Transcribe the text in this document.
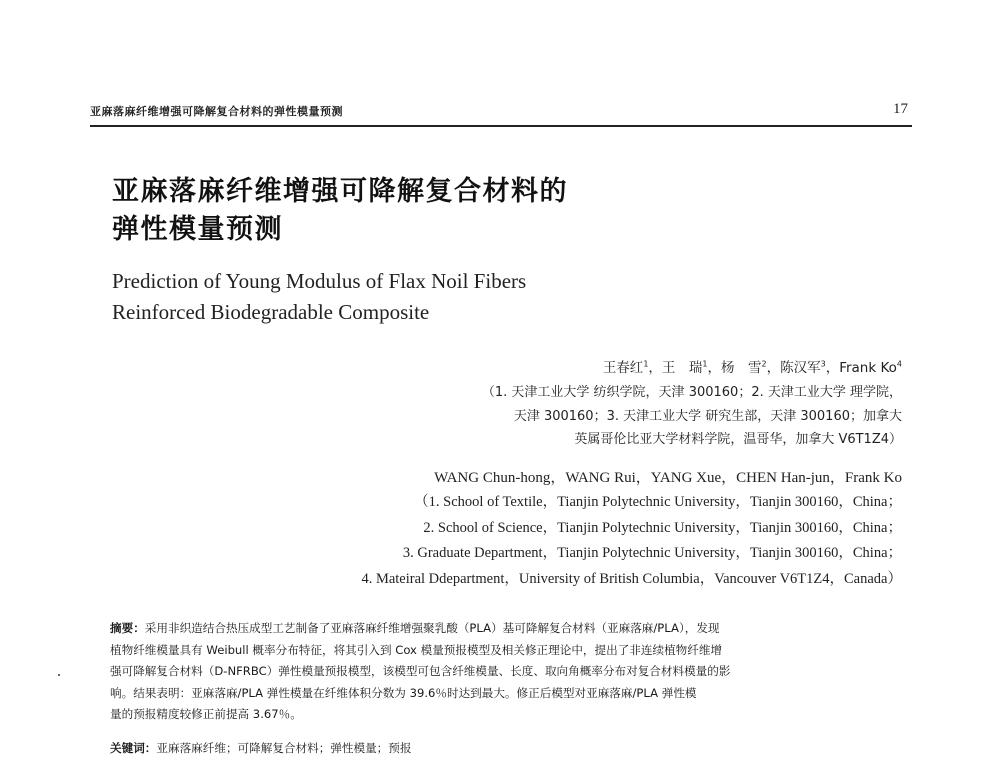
亚麻落麻纤维增强可降解复合材料的弹性模量预测	17
亚麻落麻纤维增强可降解复合材料的
弹性模量预测
Prediction of Young Modulus of Flax Noil Fibers
Reinforced Biodegradable Composite
王春红$^1$，王　瑞$^1$，杨　雪$^2$，陈汉军$^3$，Frank Ko$^4$
（1. 天津工业大学 纺织学院，天津 300160；2. 天津工业大学 理学院，
天津 300160；3. 天津工业大学 研究生部，天津 300160；加拿大
英属哥伦比亚大学材料学院，温哥华，加拿大 V6T1Z4）
WANG Chun-hong，WANG Rui，YANG Xue，CHEN Han-jun，Frank Ko
（1. School of Textile，Tianjin Polytechnic University，Tianjin 300160，China；
2. School of Science，Tianjin Polytechnic University，Tianjin 300160，China；
3. Graduate Department，Tianjin Polytechnic University，Tianjin 300160，China；
4. Mateiral Ddepartment，University of British Columbia，Vancouver V6T1Z4，Canada）
摘要：采用非织造结合热压成型工艺制备了亚麻落麻纤维增强聚乳酸（PLA）基可降解复合材料（亚麻落麻/PLA），发现
植物纤维模量具有 Weibull 概率分布特征，将其引入到 Cox 模量预报模型及相关修正理论中，提出了非连续植物纤维增
强可降解复合材料（D-NFRBC）弹性模量预报模型，该模型可包含纤维模量、长度、取向角概率分布对复合材料模量的影
响。结果表明：亚麻落麻/PLA 弹性模量在纤维体积分数为 39.6％时达到最大。修正后模型对亚麻落麻/PLA 弹性模
量的预报精度较修正前提高 3.67％。
关键词：亚麻落麻纤维；可降解复合材料；弹性模量；预报
